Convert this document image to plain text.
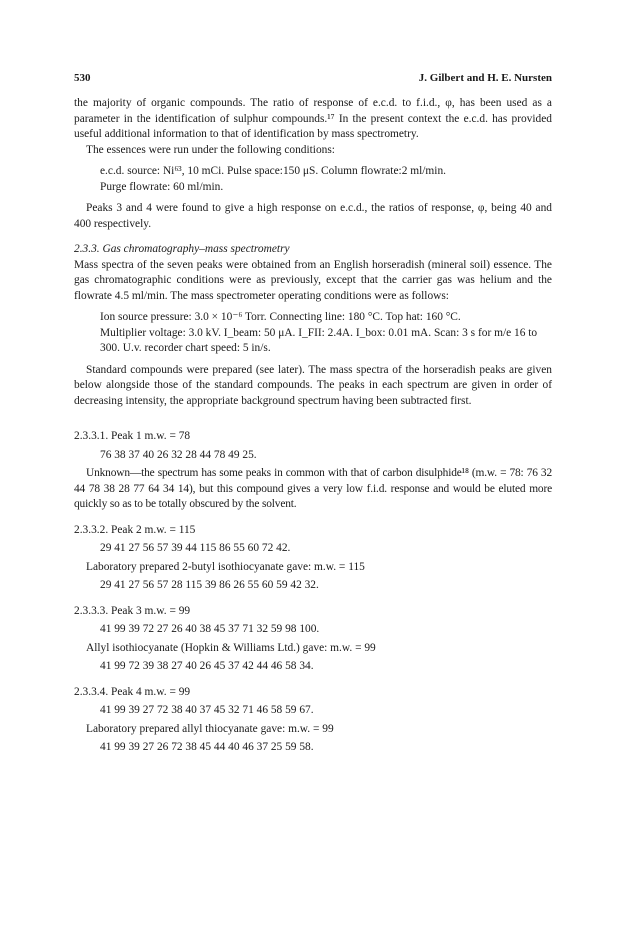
530	J. Gilbert and H. E. Nursten

the majority of organic compounds. The ratio of response of e.c.d. to f.i.d., φ, has been used as a parameter in the identification of sulphur compounds.¹⁷ In the present context the e.c.d. has provided useful additional information to that of identification by mass spectrometry.

The essences were run under the following conditions:

e.c.d. source: Ni⁶³, 10 mCi. Pulse space:150 μS. Column flowrate:2 ml/min.

Purge flowrate: 60 ml/min.

Peaks 3 and 4 were found to give a high response on e.c.d., the ratios of response, φ, being 40 and 400 respectively.

2.3.3. Gas chromatography–mass spectrometry

Mass spectra of the seven peaks were obtained from an English horseradish (mineral soil) essence. The gas chromatographic conditions were as previously, except that the carrier gas was helium and the flowrate 4.5 ml/min. The mass spectrometer operating conditions were as follows:

Ion source pressure: 3.0 × 10⁻⁶ Torr. Connecting line: 180 °C. Top hat: 160 °C.

Multiplier voltage: 3.0 kV. I_beam: 50 μA. I_FII: 2.4A. I_box: 0.01 mA. Scan: 3 s for m/e 16 to 300. U.v. recorder chart speed: 5 in/s.

Standard compounds were prepared (see later). The mass spectra of the horseradish peaks are given below alongside those of the standard compounds. The peaks in each spectrum are given in order of decreasing intensity, the appropriate background spectrum having been subtracted first.

2.3.3.1. Peak 1 m.w. = 78

76 38 37 40 26 32 28 44 78 49 25.

Unknown—the spectrum has some peaks in common with that of carbon disulphide¹⁸ (m.w. = 78: 76 32 44 78 38 28 77 64 34 14), but this compound gives a very low f.i.d. response and would be eluted more quickly so as to be totally obscured by the solvent.

2.3.3.2. Peak 2 m.w. = 115

29 41 27 56 57 39 44 115 86 55 60 72 42.

Laboratory prepared 2-butyl isothiocyanate gave: m.w. = 115

29 41 27 56 57 28 115 39 86 26 55 60 59 42 32.

2.3.3.3. Peak 3 m.w. = 99

41 99 39 72 27 26 40 38 45 37 71 32 59 98 100.

Allyl isothiocyanate (Hopkin & Williams Ltd.) gave: m.w. = 99

41 99 72 39 38 27 40 26 45 37 42 44 46 58 34.

2.3.3.4. Peak 4 m.w. = 99

41 99 39 27 72 38 40 37 45 32 71 46 58 59 67.

Laboratory prepared allyl thiocyanate gave: m.w. = 99

41 99 39 27 26 72 38 45 44 40 46 37 25 59 58.
